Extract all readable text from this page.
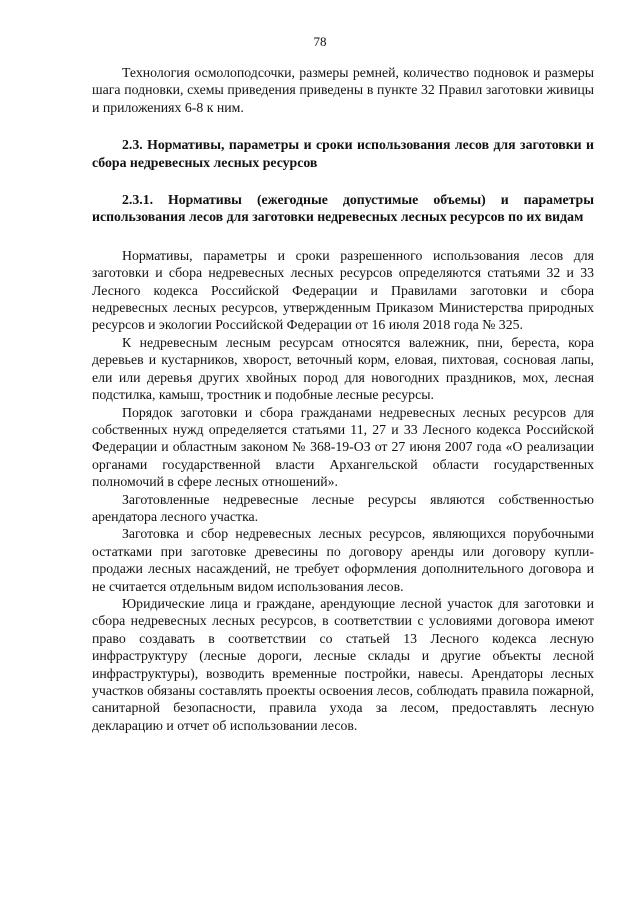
78

Технология осмолоподсочки, размеры ремней, количество подновок и размеры шага подновки, схемы приведения приведены в пункте 32 Правил заготовки живицы и приложениях 6-8 к ним.

2.3. Нормативы, параметры и сроки использования лесов для заготовки и сбора недревесных лесных ресурсов
2.3.1. Нормативы (ежегодные допустимые объемы) и параметры использования лесов для заготовки недревесных лесных ресурсов по их видам

Нормативы, параметры и сроки разрешенного использования лесов для заготовки и сбора недревесных лесных ресурсов определяются статьями 32 и 33 Лесного кодекса Российской Федерации и Правилами заготовки и сбора недревесных лесных ресурсов, утвержденным Приказом Министерства природных ресурсов и экологии Российской Федерации от 16 июля 2018 года № 325.

К недревесным лесным ресурсам относятся валежник, пни, береста, кора деревьев и кустарников, хворост, веточный корм, еловая, пихтовая, сосновая лапы, ели или деревья других хвойных пород для новогодних праздников, мох, лесная подстилка, камыш, тростник и подобные лесные ресурсы.

Порядок заготовки и сбора гражданами недревесных лесных ресурсов для собственных нужд определяется статьями 11, 27 и 33 Лесного кодекса Российской Федерации и областным законом № 368-19-ОЗ от 27 июня 2007 года «О реализации органами государственной власти Архангельской области государственных полномочий в сфере лесных отношений».

Заготовленные недревесные лесные ресурсы являются собственностью арендатора лесного участка.

Заготовка и сбор недревесных лесных ресурсов, являющихся порубочными остатками при заготовке древесины по договору аренды или договору купли-продажи лесных насаждений, не требует оформления дополнительного договора и не считается отдельным видом использования лесов.

Юридические лица и граждане, арендующие лесной участок для заготовки и сбора недревесных лесных ресурсов, в соответствии с условиями договора имеют право создавать в соответствии со статьей 13 Лесного кодекса лесную инфраструктуру (лесные дороги, лесные склады и другие объекты лесной инфраструктуры), возводить временные постройки, навесы. Арендаторы лесных участков обязаны составлять проекты освоения лесов, соблюдать правила пожарной, санитарной безопасности, правила ухода за лесом, предоставлять лесную декларацию и отчет об использовании лесов.
